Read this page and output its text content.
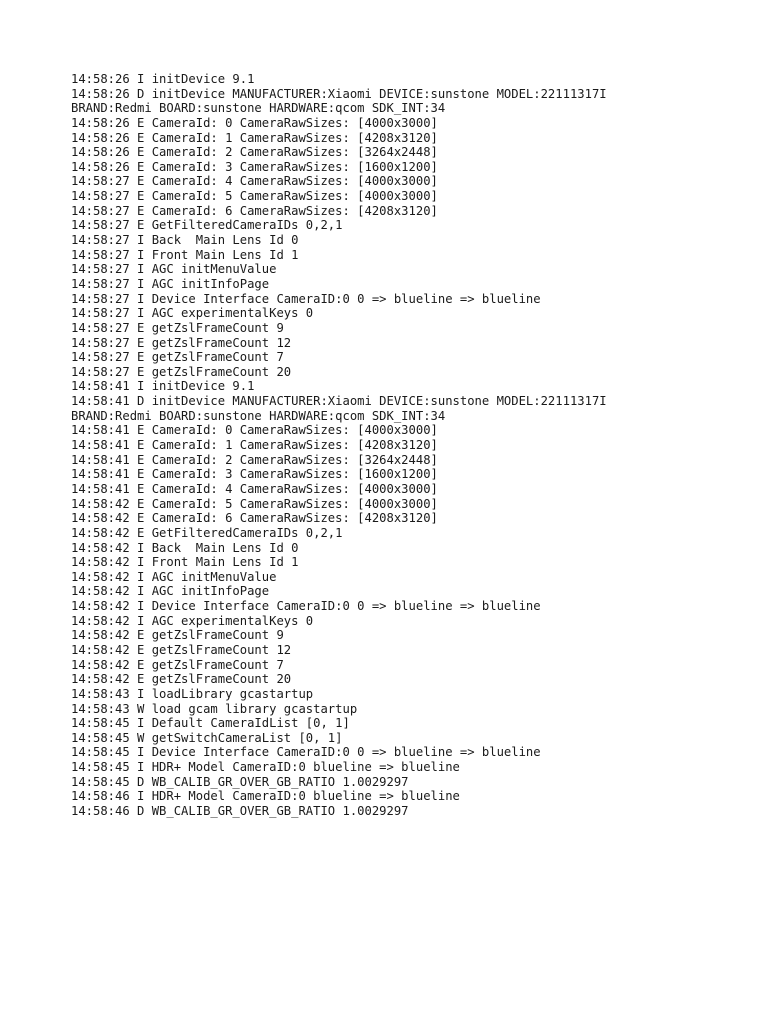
14:58:26 I initDevice 9.1
14:58:26 D initDevice MANUFACTURER:Xiaomi DEVICE:sunstone MODEL:22111317I
BRAND:Redmi BOARD:sunstone HARDWARE:qcom SDK_INT:34
14:58:26 E CameraId: 0 CameraRawSizes: [4000x3000]
14:58:26 E CameraId: 1 CameraRawSizes: [4208x3120]
14:58:26 E CameraId: 2 CameraRawSizes: [3264x2448]
14:58:26 E CameraId: 3 CameraRawSizes: [1600x1200]
14:58:27 E CameraId: 4 CameraRawSizes: [4000x3000]
14:58:27 E CameraId: 5 CameraRawSizes: [4000x3000]
14:58:27 E CameraId: 6 CameraRawSizes: [4208x3120]
14:58:27 E GetFilteredCameraIDs 0,2,1
14:58:27 I Back  Main Lens Id 0
14:58:27 I Front Main Lens Id 1
14:58:27 I AGC initMenuValue
14:58:27 I AGC initInfoPage
14:58:27 I Device Interface CameraID:0 0 => blueline => blueline
14:58:27 I AGC experimentalKeys 0
14:58:27 E getZslFrameCount 9
14:58:27 E getZslFrameCount 12
14:58:27 E getZslFrameCount 7
14:58:27 E getZslFrameCount 20
14:58:41 I initDevice 9.1
14:58:41 D initDevice MANUFACTURER:Xiaomi DEVICE:sunstone MODEL:22111317I
BRAND:Redmi BOARD:sunstone HARDWARE:qcom SDK_INT:34
14:58:41 E CameraId: 0 CameraRawSizes: [4000x3000]
14:58:41 E CameraId: 1 CameraRawSizes: [4208x3120]
14:58:41 E CameraId: 2 CameraRawSizes: [3264x2448]
14:58:41 E CameraId: 3 CameraRawSizes: [1600x1200]
14:58:41 E CameraId: 4 CameraRawSizes: [4000x3000]
14:58:42 E CameraId: 5 CameraRawSizes: [4000x3000]
14:58:42 E CameraId: 6 CameraRawSizes: [4208x3120]
14:58:42 E GetFilteredCameraIDs 0,2,1
14:58:42 I Back  Main Lens Id 0
14:58:42 I Front Main Lens Id 1
14:58:42 I AGC initMenuValue
14:58:42 I AGC initInfoPage
14:58:42 I Device Interface CameraID:0 0 => blueline => blueline
14:58:42 I AGC experimentalKeys 0
14:58:42 E getZslFrameCount 9
14:58:42 E getZslFrameCount 12
14:58:42 E getZslFrameCount 7
14:58:42 E getZslFrameCount 20
14:58:43 I loadLibrary gcastartup
14:58:43 W load gcam library gcastartup
14:58:45 I Default CameraIdList [0, 1]
14:58:45 W getSwitchCameraList [0, 1]
14:58:45 I Device Interface CameraID:0 0 => blueline => blueline
14:58:45 I HDR+ Model CameraID:0 blueline => blueline
14:58:45 D WB_CALIB_GR_OVER_GB_RATIO 1.0029297
14:58:46 I HDR+ Model CameraID:0 blueline => blueline
14:58:46 D WB_CALIB_GR_OVER_GB_RATIO 1.0029297
